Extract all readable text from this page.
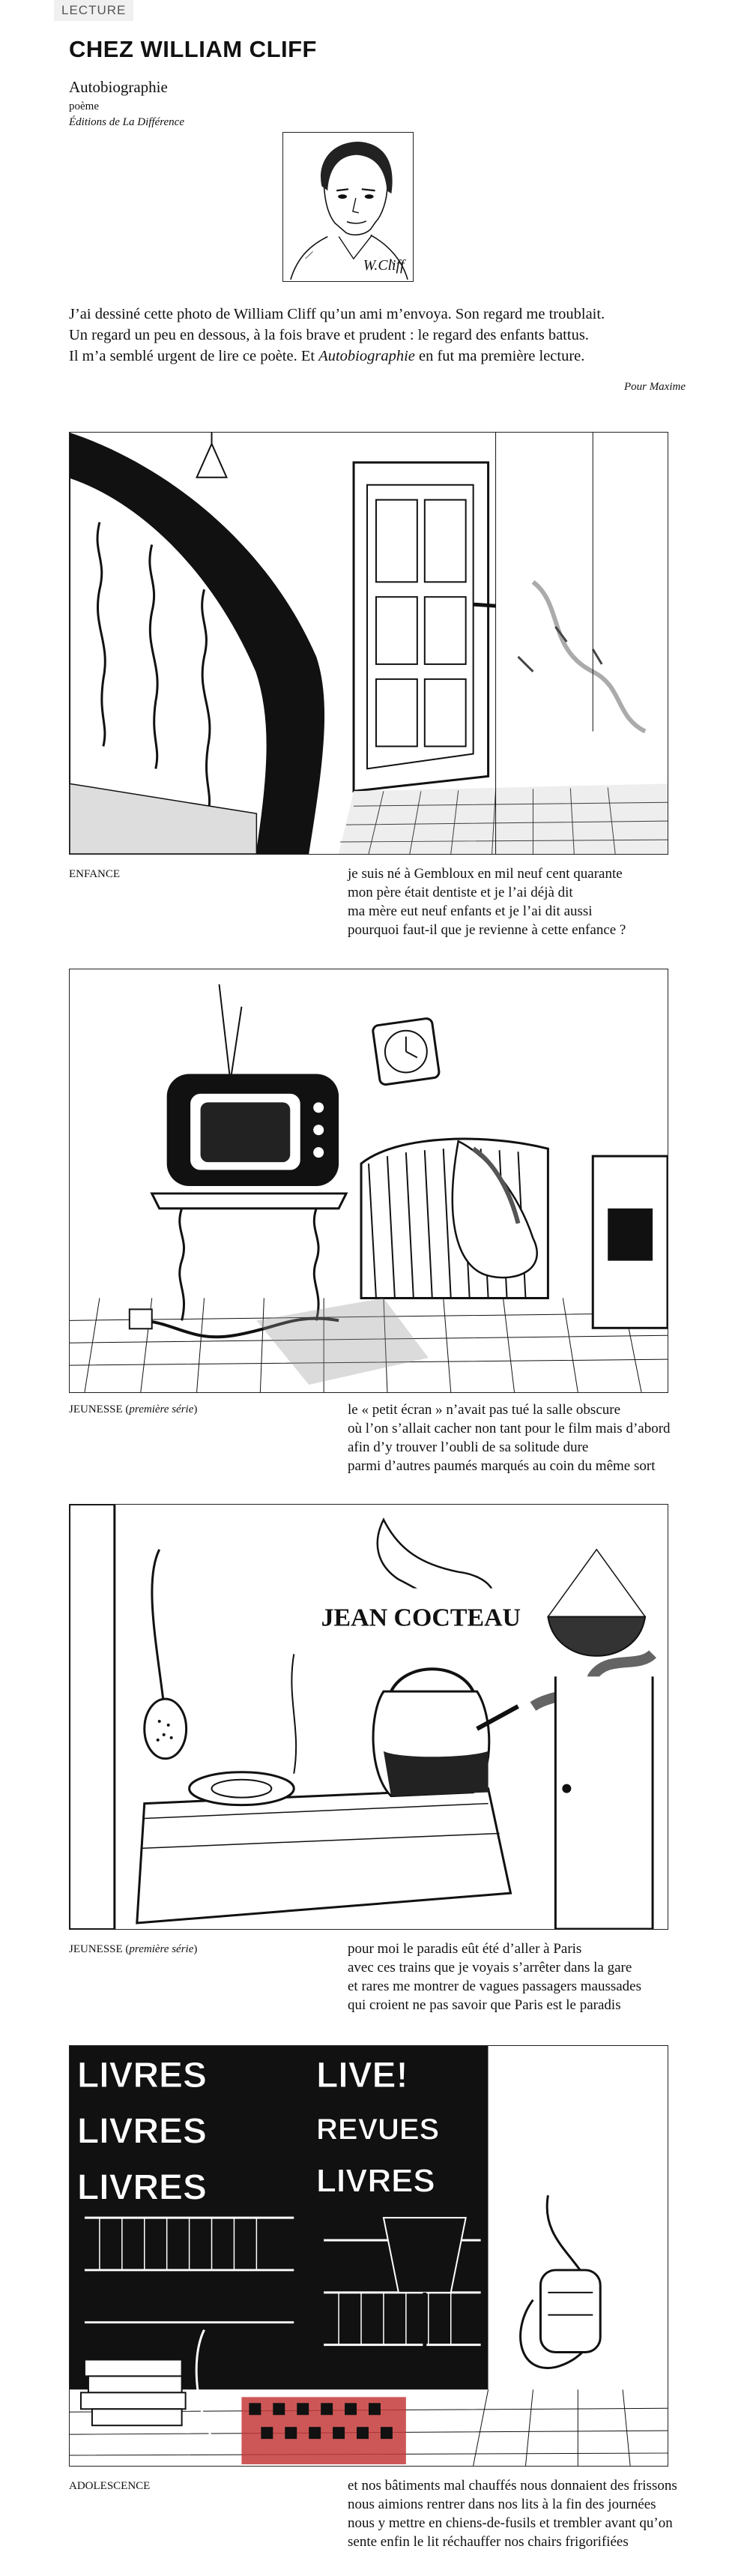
LECTURE
CHEZ WILLIAM CLIFF
Autobiographie
poème
Éditions de La Différence
W.Cliff

J’ai dessiné cette photo de William Cliff qu’un ami m’envoya. Son regard me troublait.

Un regard un peu en dessous, à la fois brave et prudent : le regard des enfants battus.

Il m’a semblé urgent de lire ce poète. Et Autobiographie en fut ma première lecture.

Pour Maxime
ENFANCE	je suis né à Gembloux en mil neuf cent quarante
mon père était dentiste et je l’ai déjà dit
ma mère eut neuf enfants et je l’ai dit aussi
pourquoi faut-il que je revienne à cette enfance ?
JEUNESSE (première série)	le « petit écran » n’avait pas tué la salle obscure
où l’on s’allait cacher non tant pour le film mais d’abord
afin d’y trouver l’oubli de sa solitude dure
parmi d’autres paumés marqués au coin du même sort
JEAN COCTEAU
JEUNESSE (première série)	pour moi le paradis eût été d’aller à Paris
avec ces trains que je voyais s’arrêter dans la gare
et rares me montrer de vagues passagers maussades
qui croient ne pas savoir que Paris est le paradis
LIVRES	LIVE!
REVUES
LIVRES
LIVRES
LIVRES
ADOLESCENCE	et nos bâtiments mal chauffés nous donnaient des frissons
nous aimions rentrer dans nos lits à la fin des journées
nous y mettre en chiens-de-fusils et trembler avant qu’on
sente enfin le lit réchauffer nos chairs frigorifiées
